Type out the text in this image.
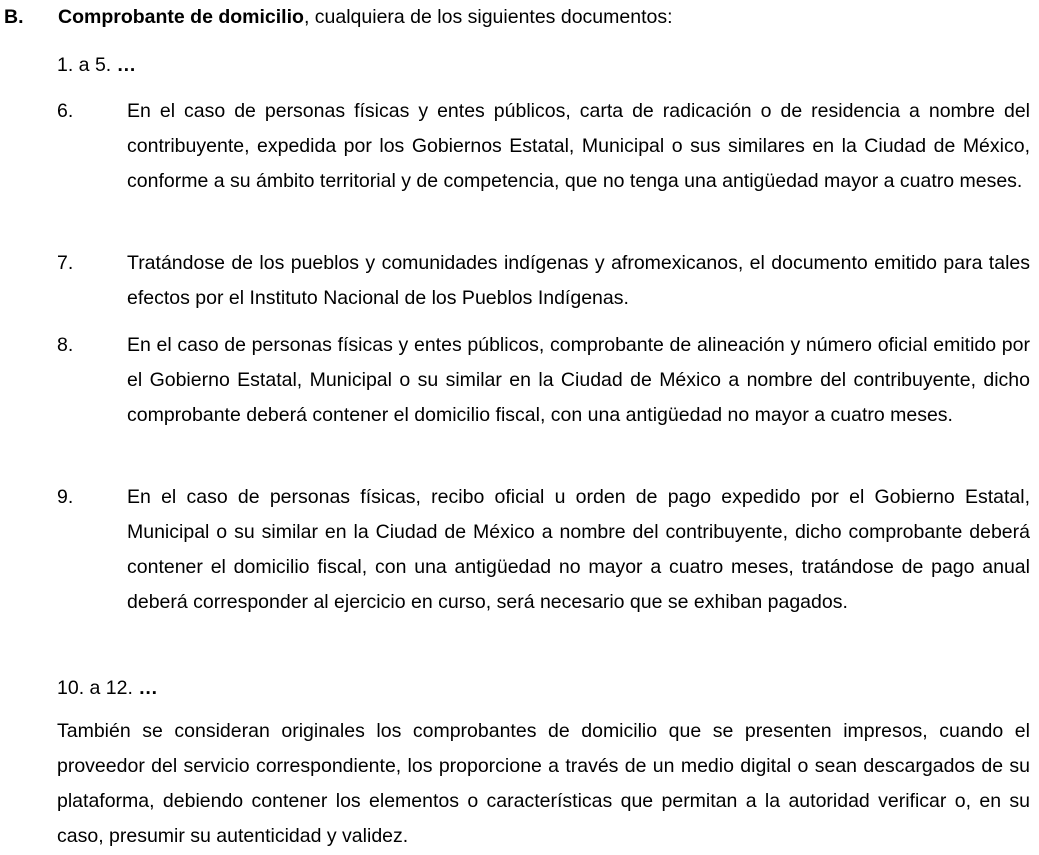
B. Comprobante de domicilio, cualquiera de los siguientes documentos:
1. a 5. …
6.	En el caso de personas físicas y entes públicos, carta de radicación o de residencia a nombre del contribuyente, expedida por los Gobiernos Estatal, Municipal o sus similares en la Ciudad de México, conforme a su ámbito territorial y de competencia, que no tenga una antigüedad mayor a cuatro meses.
7.	Tratándose de los pueblos y comunidades indígenas y afromexicanos, el documento emitido para tales efectos por el Instituto Nacional de los Pueblos Indígenas.
8.	En el caso de personas físicas y entes públicos, comprobante de alineación y número oficial emitido por el Gobierno Estatal, Municipal o su similar en la Ciudad de México a nombre del contribuyente, dicho comprobante deberá contener el domicilio fiscal, con una antigüedad no mayor a cuatro meses.
9.	En el caso de personas físicas, recibo oficial u orden de pago expedido por el Gobierno Estatal, Municipal o su similar en la Ciudad de México a nombre del contribuyente, dicho comprobante deberá contener el domicilio fiscal, con una antigüedad no mayor a cuatro meses, tratándose de pago anual deberá corresponder al ejercicio en curso, será necesario que se exhiban pagados.
10. a 12. …
También se consideran originales los comprobantes de domicilio que se presenten impresos, cuando el proveedor del servicio correspondiente, los proporcione a través de un medio digital o sean descargados de su plataforma, debiendo contener los elementos o características que permitan a la autoridad verificar o, en su caso, presumir su autenticidad y validez.
